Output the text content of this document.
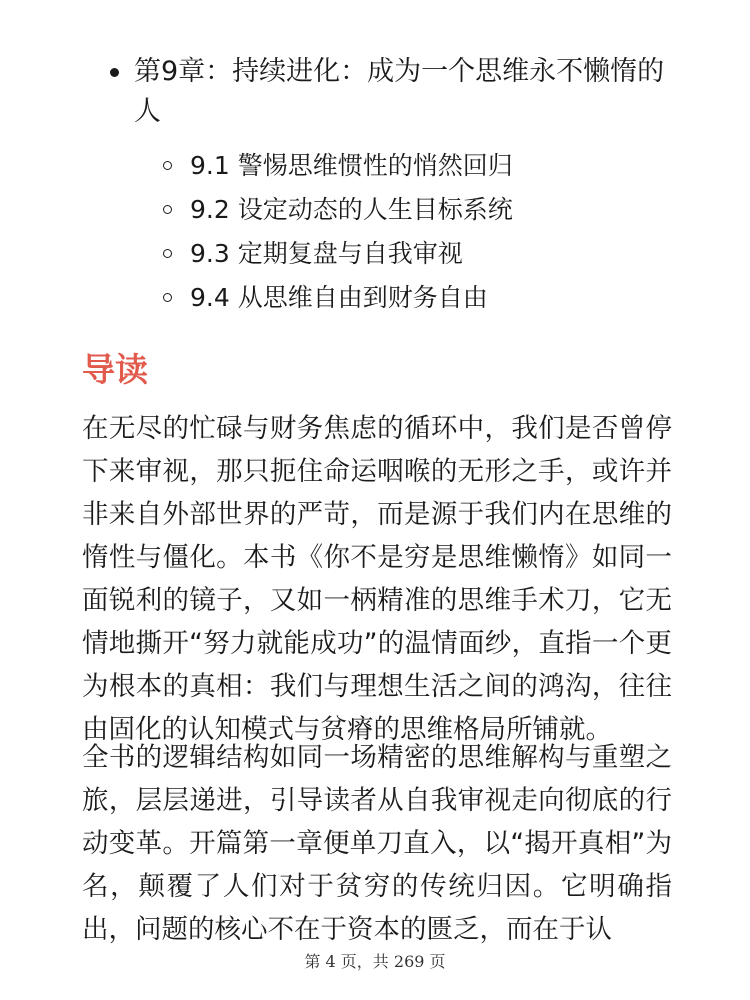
第9章：持续进化：成为一个思维永不懒惰的人
9.1 警惕思维惯性的悄然回归
9.2 设定动态的人生目标系统
9.3 定期复盘与自我审视
9.4 从思维自由到财务自由
导读

在无尽的忙碌与财务焦虑的循环中，我们是否曾停下来审视，那只扼住命运咽喉的无形之手，或许并非来自外部世界的严苛，而是源于我们内在思维的惰性与僵化。本书《你不是穷是思维懒惰》如同一面锐利的镜子，又如一柄精准的思维手术刀，它无情地撕开“努力就能成功”的温情面纱，直指一个更为根本的真相：我们与理想生活之间的鸿沟，往往由固化的认知模式与贫瘠的思维格局所铺就。

全书的逻辑结构如同一场精密的思维解构与重塑之旅，层层递进，引导读者从自我审视走向彻底的行动变革。开篇第一章便单刀直入，以“揭开真相”为名，颠覆了人们对于贫穷的传统归因。它明确指出，问题的核心不在于资本的匮乏，而在于认

第 4 页，共 269 页
